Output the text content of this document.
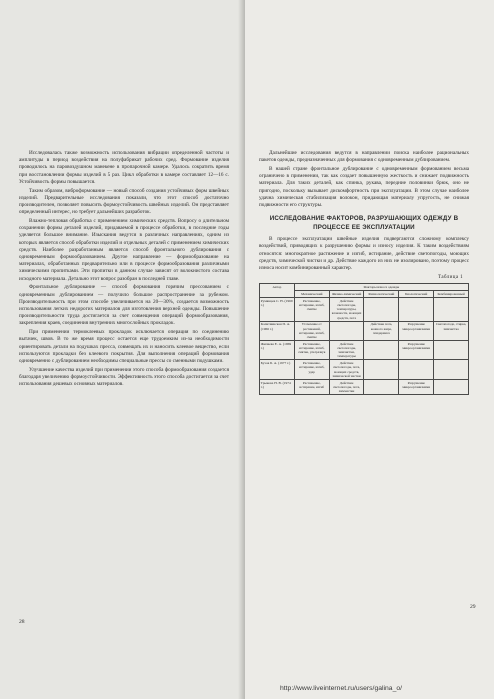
Исследовалась также возможность использования вибрации определенной частоты и амплитуды в период воздействия на полуфабрикат рабочих сред. Формование изделия проводилось на паровоздушном манекене в пропарочной камере. Удалось сократить время при восстановлении формы изделий в 5 раз. Цикл обработки в камере составляет 12—16 с. Устойчивость формы повышается.

Таким образом, виброформование — новый способ создания устойчивых форм швейных изделий. Предварительные исследования показали, что этот способ достаточно производителен, позволяет повысить формоустойчивость швейных изделий. Он представляет определенный интерес, но требует дальнейших разработок.

Влажно-тепловая обработка с применением химических средств. Вопросу о длительном сохранении формы деталей изделий, придаваемой в процессе обработки, в последние годы уделяется большое внимание. Изыскания ведутся в различных направлениях, одним из которых является способ обработки изделий и отдельных деталей с применением химических средств. Наиболее разработанным является способ фронтального дублирования с одновременным формообразованием. Другое направление — формообразование на материалах, обработанных предварительно или в процессе формообразования различными химическими пропитками. Эти пропитки в данном случае зависят от волокнистого состава исходного материала. Детально этот вопрос разобран в последней главе.

Фронтальное дублирование — способ формования горячим прессованием с одновременным дублированием — получило большое распространение за рубежом. Производительность при этом способе увеличивается на 20—30%, создается возможность использования легких недорогих материалов для изготовления верхней одежды. Повышение производительности труда достигается за счет совмещения операций формообразования, закрепления краев, соединения внутренних многослойных прокладок.

При применении термоклеевых прокладок исключается операция по соединению вытачек, швов. В то же время процесс остается еще трудоемким из-за необходимости ориентировать детали на подушках пресса, совмещать их и наносить клеевое вещество, если используются прокладки без клеевого покрытия. Для выполнения операций формования одновременно с дублированием необходимы специальные прессы со сменными подушками.

Улучшение качества изделий при применении этого способа формообразования создается благодаря увеличению формоустойчивости. Эффективность этого способа достигается за счет использования дешевых основных материалов.

28

Дальнейшие исследования ведутся в направлении поиска наиболее рациональных пакетов одежды, предназначенных для формования с одновременным дублированием.

В нашей стране фронтальное дублирование с одновременным формованием весьма ограничено в применении, так как создает повышенную жесткость и снижает подвижность материала. Для таких деталей, как спинка, рукава, передние половинки брюк, оно не пригодно, поскольку вызывает дискомфортность при эксплуатации. В этом случае наиболее удачна химическая стабилизация волокон, придающая материалу упругость, не снижая подвижности его структуры.

ИССЛЕДОВАНИЕ ФАКТОРОВ, РАЗРУШАЮЩИХ ОДЕЖДУ В ПРОЦЕССЕ ЕЕ ЭКСПЛУАТАЦИИ

В процессе эксплуатации швейные изделия подвергаются сложному комплексу воздействий, приводящих к разрушению формы и износу изделия. К таким воздействиям относятся: многократное растяжение и изгиб, истирание, действие светопогоды, моющих средств, химической чистки и др. Действие каждого из них не изолировано, поэтому процесс износа носит комбинированный характер.

Таблица 1
Автор	Факторы износа одежды				
	Механический	Физико-химический	Физиологический	Биологический	Комбинированный
Румянцев С. Н. (1969 г.)	Растяжение, истирание, изгиб, смятие	Действие светопогоды, температуры, влажности, моющих средств, пота			
Калитвинская П. А. (1966 г.)	Утомление от растяжений, истирание, изгиб, смятие		Действие пота, кожного жира, эпидермиса	Разрушение микроорганизмами	Светопогода, стирка, химчистка
Жиляева Е. А. (1969 г.)	Растяжение, истирание, изгиб, смятие, ультразвук	Действие светопогоды, химчистки, температуры		Разрушение микроорганизмами	
Бузов Б. А. (1977 г.)	Растяжение, истирание, изгиб, удар	Действие светопогоды, пота, моющих средств, химической чистки			
Трыкова Н. В. (1974 г.)	Растяжение, истирание, изгиб	Действие светопогоды, пота, химчистки		Разрушение микроорганизмами	
29
http://www.liveinternet.ru/users/galina_o/
